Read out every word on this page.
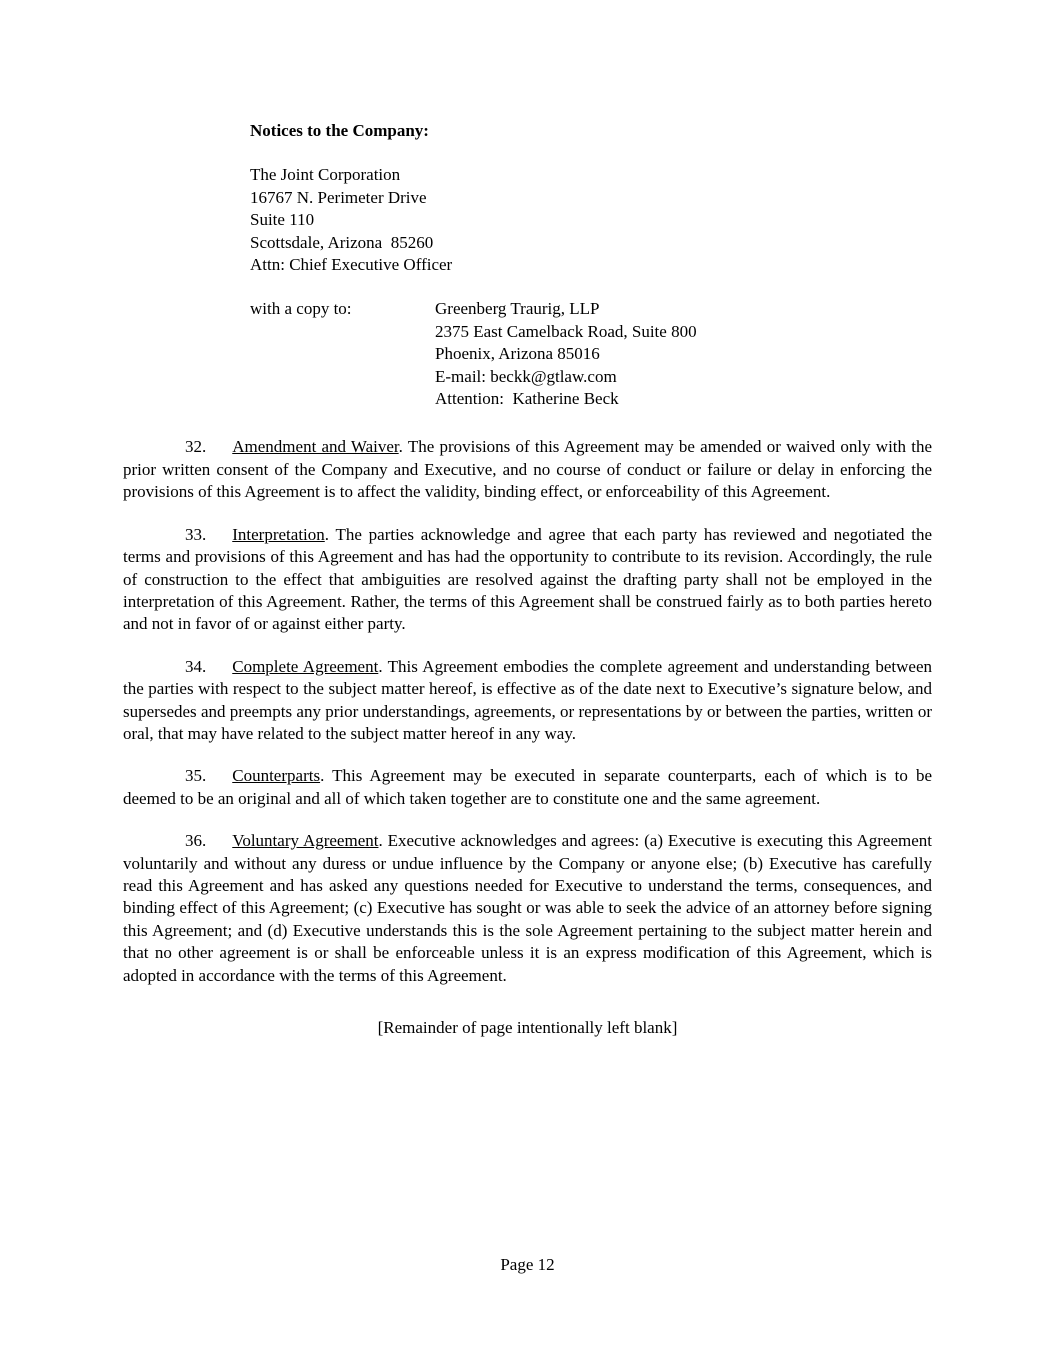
Notices to the Company:

The Joint Corporation
16767 N. Perimeter Drive
Suite 110
Scottsdale, Arizona  85260
Attn: Chief Executive Officer
with a copy to:	Greenberg Traurig, LLP
2375 East Camelback Road, Suite 800
Phoenix, Arizona 85016
E-mail: beckk@gtlaw.com
Attention:  Katherine Beck

32. Amendment and Waiver. The provisions of this Agreement may be amended or waived only with the prior written consent of the Company and Executive, and no course of conduct or failure or delay in enforcing the provisions of this Agreement is to affect the validity, binding effect, or enforceability of this Agreement.

33. Interpretation. The parties acknowledge and agree that each party has reviewed and negotiated the terms and provisions of this Agreement and has had the opportunity to contribute to its revision. Accordingly, the rule of construction to the effect that ambiguities are resolved against the drafting party shall not be employed in the interpretation of this Agreement. Rather, the terms of this Agreement shall be construed fairly as to both parties hereto and not in favor of or against either party.

34. Complete Agreement. This Agreement embodies the complete agreement and understanding between the parties with respect to the subject matter hereof, is effective as of the date next to Executive’s signature below, and supersedes and preempts any prior understandings, agreements, or representations by or between the parties, written or oral, that may have related to the subject matter hereof in any way.

35. Counterparts. This Agreement may be executed in separate counterparts, each of which is to be deemed to be an original and all of which taken together are to constitute one and the same agreement.

36. Voluntary Agreement. Executive acknowledges and agrees: (a) Executive is executing this Agreement voluntarily and without any duress or undue influence by the Company or anyone else; (b) Executive has carefully read this Agreement and has asked any questions needed for Executive to understand the terms, consequences, and binding effect of this Agreement; (c) Executive has sought or was able to seek the advice of an attorney before signing this Agreement; and (d) Executive understands this is the sole Agreement pertaining to the subject matter herein and that no other agreement is or shall be enforceable unless it is an express modification of this Agreement, which is adopted in accordance with the terms of this Agreement.

[Remainder of page intentionally left blank]

Page 12
